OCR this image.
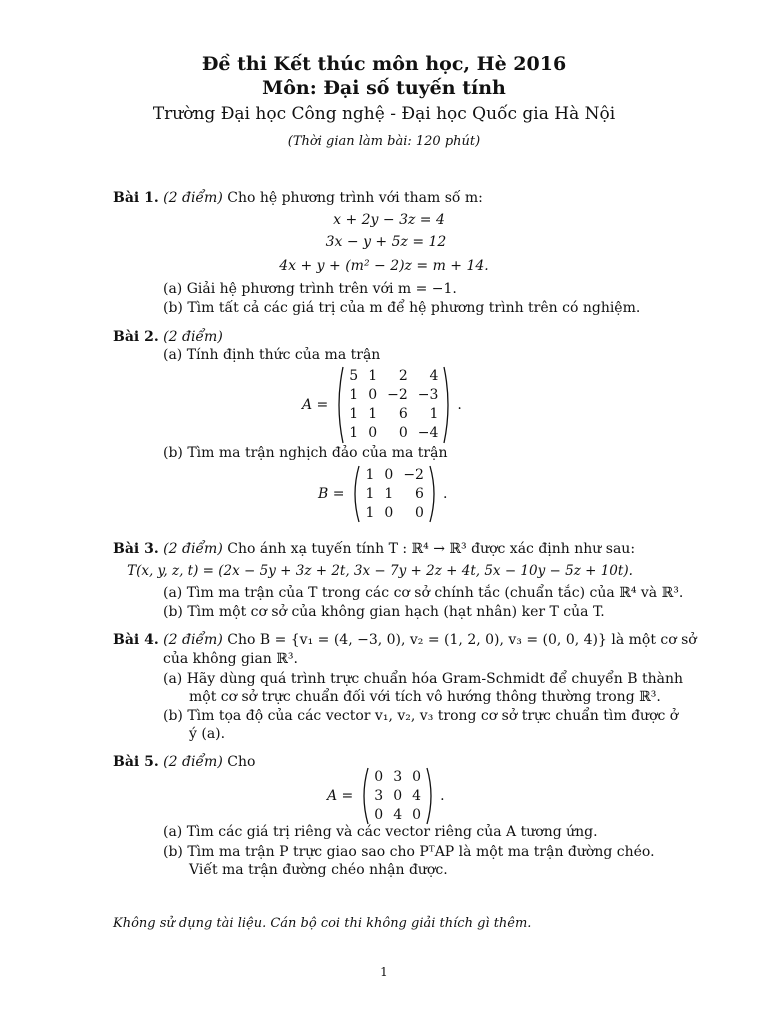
Đề thi Kết thúc môn học, Hè 2016
Môn: Đại số tuyến tính
Trường Đại học Công nghệ - Đại học Quốc gia Hà Nội
(Thời gian làm bài: 120 phút)
Bài 1. (2 điểm) Cho hệ phương trình với tham số m:
x + 2y − 3z = 4
3x − y + 5z = 12
4x + y + (m² − 2)z = m + 14.
(a) Giải hệ phương trình trên với m = −1.
(b) Tìm tất cả các giá trị của m để hệ phương trình trên có nghiệm.
Bài 2. (2 điểm)
(a) Tính định thức của ma trận
A =
5	1	2	4
1	0	−2	−3
1	1	6	1
1	0	0	−4
.
(b) Tìm ma trận nghịch đảo của ma trận
B =
1	0	−2
1	1	6
1	0	0
.
Bài 3. (2 điểm) Cho ánh xạ tuyến tính T : ℝ⁴ → ℝ³ được xác định như sau:
T(x, y, z, t) = (2x − 5y + 3z + 2t, 3x − 7y + 2z + 4t, 5x − 10y − 5z + 10t).
(a) Tìm ma trận của T trong các cơ sở chính tắc (chuẩn tắc) của ℝ⁴ và ℝ³.
(b) Tìm một cơ sở của không gian hạch (hạt nhân) ker T của T.
Bài 4. (2 điểm) Cho B = {v₁ = (4, −3, 0), v₂ = (1, 2, 0), v₃ = (0, 0, 4)} là một cơ sở
của không gian ℝ³.
(a) Hãy dùng quá trình trực chuẩn hóa Gram-Schmidt để chuyển B thành
một cơ sở trực chuẩn đối với tích vô hướng thông thường trong ℝ³.
(b) Tìm tọa độ của các vector v₁, v₂, v₃ trong cơ sở trực chuẩn tìm được ở
ý (a).
Bài 5. (2 điểm) Cho
A =
0	3	0
3	0	4
0	4	0
.
(a) Tìm các giá trị riêng và các vector riêng của A tương ứng.
(b) Tìm ma trận P trực giao sao cho PᵀAP là một ma trận đường chéo.
Viết ma trận đường chéo nhận được.
Không sử dụng tài liệu. Cán bộ coi thi không giải thích gì thêm.
1
